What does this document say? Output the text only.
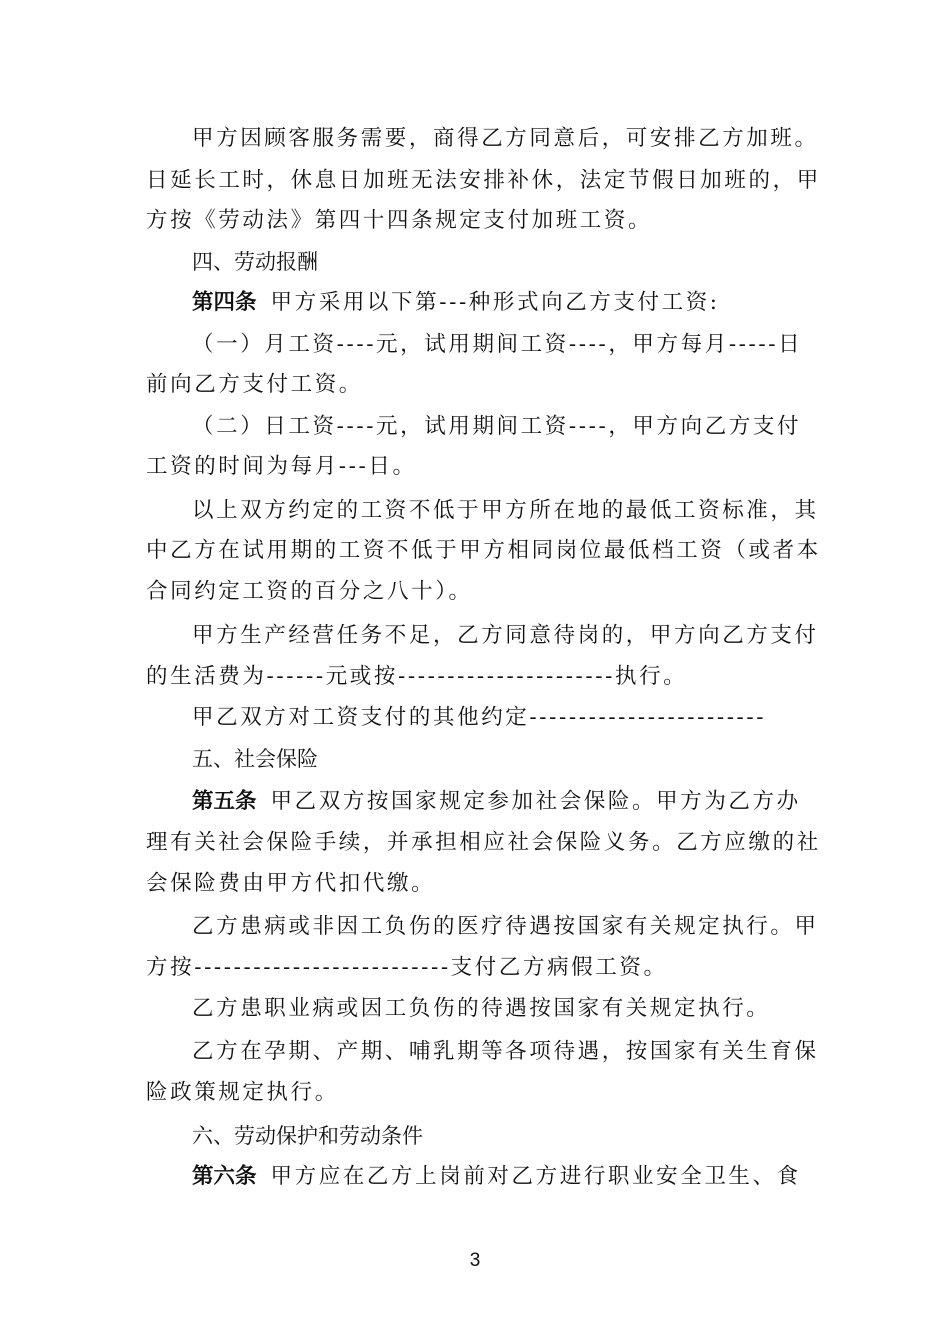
甲方因顾客服务需要，商得乙方同意后，可安排乙方加班。
日延长工时，休息日加班无法安排补休，法定节假日加班的，甲
方按《劳动法》第四十四条规定支付加班工资。
四、劳动报酬
第四条 甲方采用以下第---种形式向乙方支付工资:
（一）月工资----元，试用期间工资----，甲方每月-----日
前向乙方支付工资。
（二）日工资----元，试用期间工资----，甲方向乙方支付
工资的时间为每月---日。
以上双方约定的工资不低于甲方所在地的最低工资标准，其
中乙方在试用期的工资不低于甲方相同岗位最低档工资（或者本
合同约定工资的百分之八十）。
甲方生产经营任务不足，乙方同意待岗的，甲方向乙方支付
的生活费为------元或按----------------------执行。
甲乙双方对工资支付的其他约定------------------------
五、社会保险
第五条 甲乙双方按国家规定参加社会保险。甲方为乙方办
理有关社会保险手续，并承担相应社会保险义务。乙方应缴的社
会保险费由甲方代扣代缴。
乙方患病或非因工负伤的医疗待遇按国家有关规定执行。甲
方按--------------------------支付乙方病假工资。
乙方患职业病或因工负伤的待遇按国家有关规定执行。
乙方在孕期、产期、哺乳期等各项待遇，按国家有关生育保
险政策规定执行。
六、劳动保护和劳动条件
第六条 甲方应在乙方上岗前对乙方进行职业安全卫生、食
3
